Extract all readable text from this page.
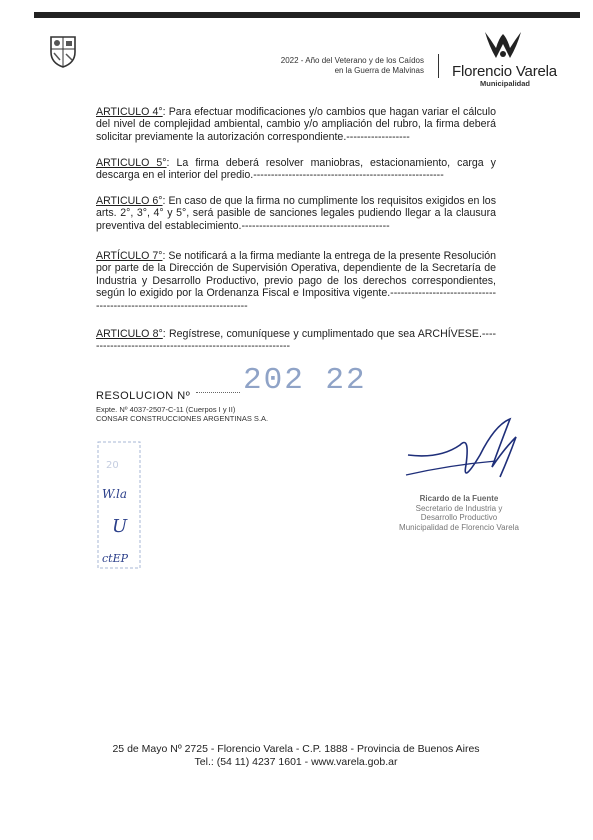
2022 - Año del Veterano y de los Caídos
en la Guerra de Malvinas Florencio Varela
Municipalidad
ARTICULO 4°: Para efectuar modificaciones y/o cambios que hagan variar el cálculo del nivel de complejidad ambiental, cambio y/o ampliación del rubro, la firma deberá solicitar previamente la autorización correspondiente.------------------
ARTICULO 5°: La firma deberá resolver maniobras, estacionamiento, carga y descarga en el interior del predio.------------------------------------------------------
ARTICULO 6°: En caso de que la firma no cumplimente los requisitos exigidos en los arts. 2°, 3°, 4° y 5°, será pasible de sanciones legales pudiendo llegar a la clausura preventiva del establecimiento.------------------------------------------
ARTÍCULO 7°: Se notificará a la firma mediante la entrega de la presente Resolución por parte de la Dirección de Supervisión Operativa, dependiente de la Secretaría de Industria y Desarrollo Productivo, previo pago de los derechos correspondientes, según lo exigido por la Ordenanza Fiscal e Impositiva vigente.-------------------------------------------------------------------------
ARTICULO 8°: Regístrese, comuníquese y cumplimentado que sea ARCHÍVESE.-----------------------------------------------------------
202 22
RESOLUCION Nº
Expte. Nº 4037-2507-C-11 (Cuerpos I y II)
CONSAR CONSTRUCCIONES ARGENTINAS S.A.
20
W.la
U
ctEP
Ricardo de la Fuente
Secretario de Industria y
Desarrollo Productivo
Municipalidad de Florencio Varela
25 de Mayo Nº 2725 - Florencio Varela - C.P. 1888 - Provincia de Buenos Aires
Tel.: (54 11) 4237 1601 - www.varela.gob.ar
